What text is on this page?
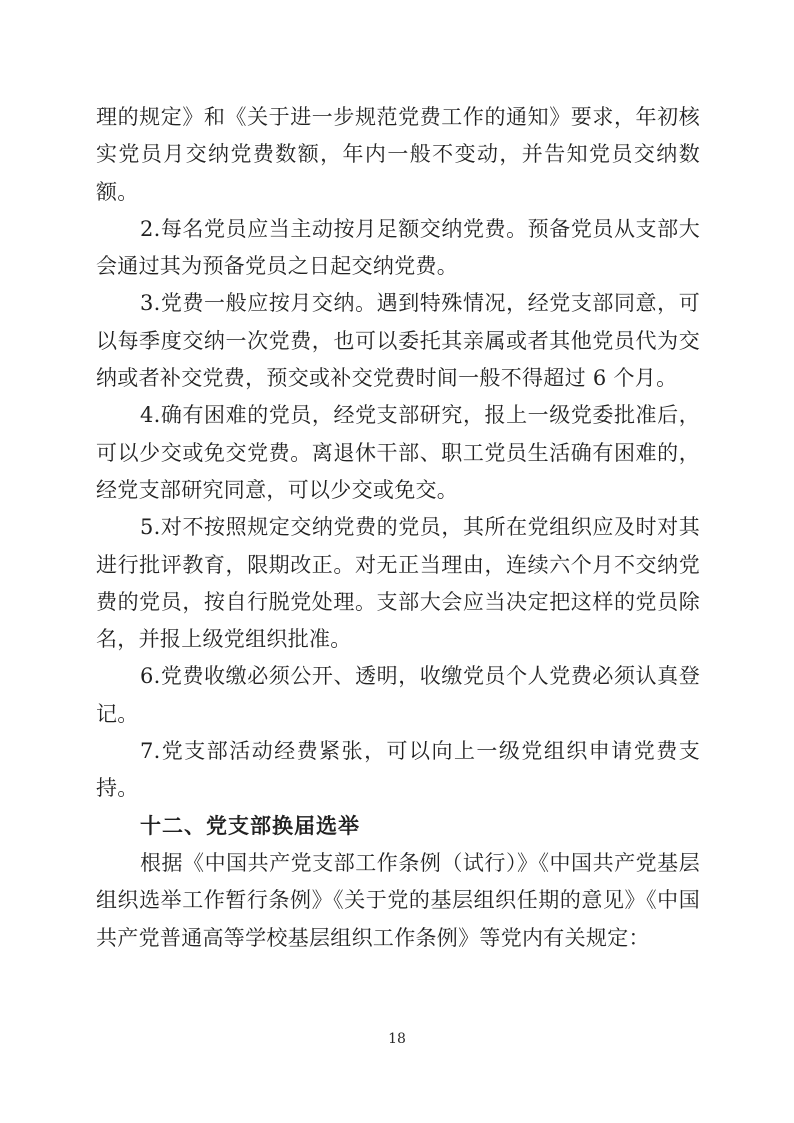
理的规定》和《关于进一步规范党费工作的通知》要求，年初核实党员月交纳党费数额，年内一般不变动，并告知党员交纳数额。

2.每名党员应当主动按月足额交纳党费。预备党员从支部大会通过其为预备党员之日起交纳党费。

3.党费一般应按月交纳。遇到特殊情况，经党支部同意，可以每季度交纳一次党费，也可以委托其亲属或者其他党员代为交纳或者补交党费，预交或补交党费时间一般不得超过 6 个月。

4.确有困难的党员，经党支部研究，报上一级党委批准后，可以少交或免交党费。离退休干部、职工党员生活确有困难的，经党支部研究同意，可以少交或免交。

5.对不按照规定交纳党费的党员，其所在党组织应及时对其进行批评教育，限期改正。对无正当理由，连续六个月不交纳党费的党员，按自行脱党处理。支部大会应当决定把这样的党员除名，并报上级党组织批准。

6.党费收缴必须公开、透明，收缴党员个人党费必须认真登记。

7.党支部活动经费紧张，可以向上一级党组织申请党费支持。

十二、党支部换届选举

根据《中国共产党支部工作条例（试行）》《中国共产党基层组织选举工作暂行条例》《关于党的基层组织任期的意见》《中国共产党普通高等学校基层组织工作条例》等党内有关规定：

18
